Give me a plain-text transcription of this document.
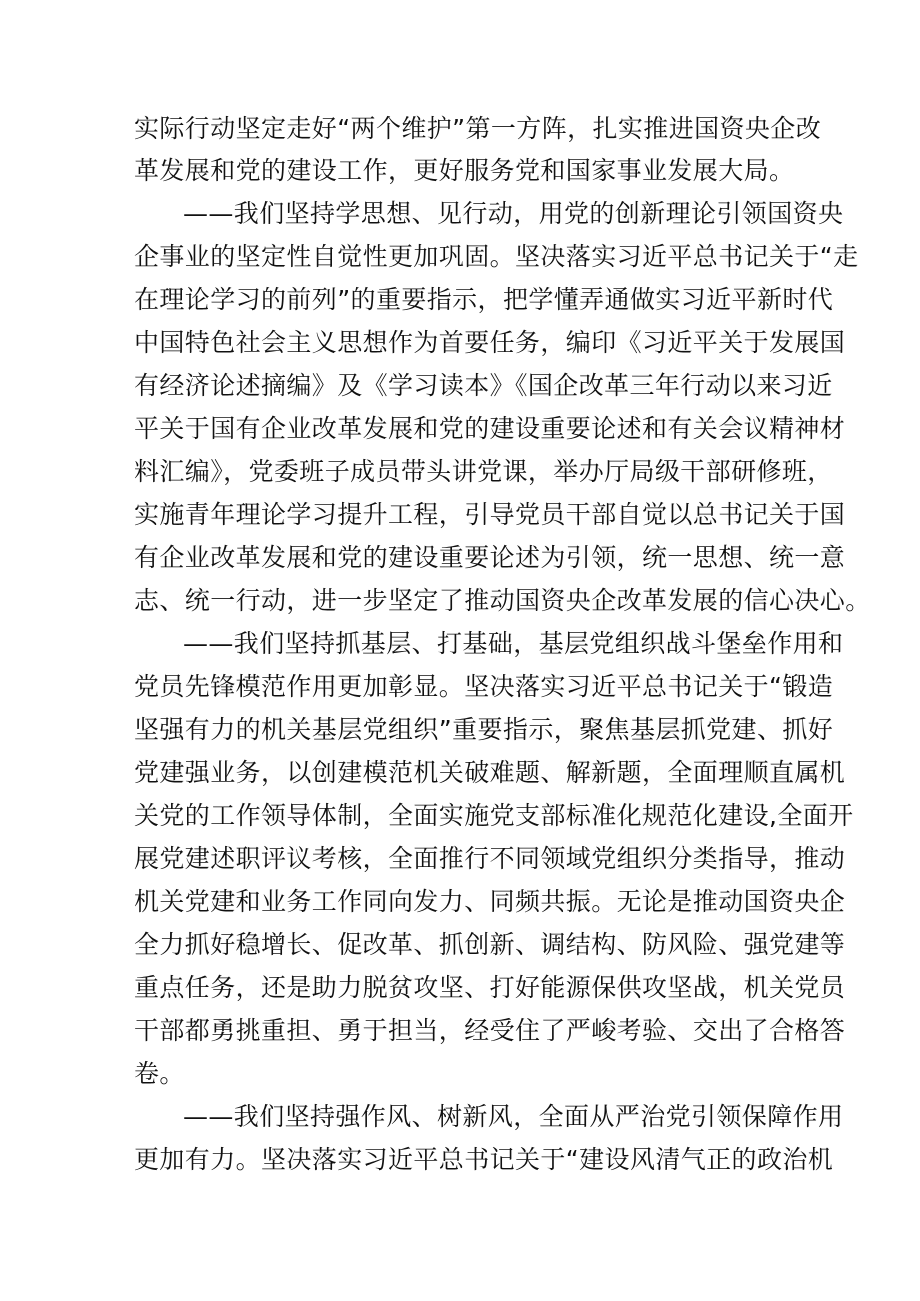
实际行动坚定走好“两个维护”第一方阵，扎实推进国资央企改
革发展和党的建设工作，更好服务党和国家事业发展大局。
——我们坚持学思想、见行动，用党的创新理论引领国资央
企事业的坚定性自觉性更加巩固。坚决落实习近平总书记关于“走
在理论学习的前列”的重要指示，把学懂弄通做实习近平新时代
中国特色社会主义思想作为首要任务，编印《习近平关于发展国
有经济论述摘编》及《学习读本》《国企改革三年行动以来习近
平关于国有企业改革发展和党的建设重要论述和有关会议精神材
料汇编》，党委班子成员带头讲党课，举办厅局级干部研修班，
实施青年理论学习提升工程，引导党员干部自觉以总书记关于国
有企业改革发展和党的建设重要论述为引领，统一思想、统一意
志、统一行动，进一步坚定了推动国资央企改革发展的信心决心。
——我们坚持抓基层、打基础，基层党组织战斗堡垒作用和
党员先锋模范作用更加彰显。坚决落实习近平总书记关于“锻造
坚强有力的机关基层党组织”重要指示，聚焦基层抓党建、抓好
党建强业务，以创建模范机关破难题、解新题，全面理顺直属机
关党的工作领导体制，全面实施党支部标准化规范化建设,全面开
展党建述职评议考核，全面推行不同领域党组织分类指导，推动
机关党建和业务工作同向发力、同频共振。无论是推动国资央企
全力抓好稳增长、促改革、抓创新、调结构、防风险、强党建等
重点任务，还是助力脱贫攻坚、打好能源保供攻坚战，机关党员
干部都勇挑重担、勇于担当，经受住了严峻考验、交出了合格答
卷。
——我们坚持强作风、树新风，全面从严治党引领保障作用
更加有力。坚决落实习近平总书记关于“建设风清气正的政治机
